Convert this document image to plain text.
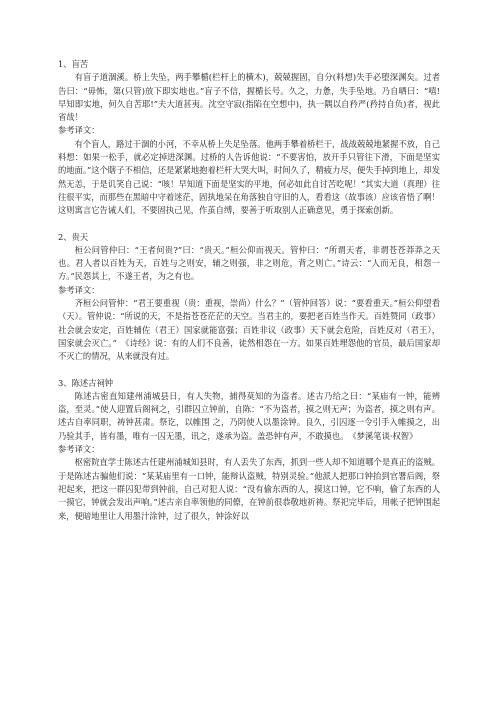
1、盲苦

有盲子道涸溪。桥上失坠，两手攀楯(栏杆上的横木)，兢兢握固，自分(料想)失手必堕深渊矣。过者告曰：“毋怖，第(只管)放下即实地也。”盲子不信，握楯长号。久之，力惫，失手坠地。乃自哂曰：“嘻!早知即实地，何久自苦耶!”夫大道甚夷。沈空守寂(指陷在空想中)，执一隅以自矜严(矜持自负)者，视此省哉！

参考译文：

有个盲人，路过干涸的小河，不幸从桥上失足坠落。他两手攀着桥栏干，战战兢兢地紧握不放，自己料想：如果一松手，就必定掉进深渊。过桥的人告诉他说：“不要害怕，放开手只管往下滑，下面是坚实的地面。”这个瞎子不相信，还是紧紧地抱着栏杆大哭大叫，时间久了，精疲力尽，便失手掉到地上，却发然无恙，于是讥笑自己说：“咳！早知道下面是坚实的平地，何必如此自讨苦吃呢！”其实大道（真理）往往很平实，而那些在黑暗中守着迷茫，固执地呆在角落独自守旧的人，看看这（故事该）应该省悟了啊！

这则寓言它告诫人们，不要固执己见，作茧自缚，要善于听取别人正确意见，勇于探索创新。

2、贵天

桓公问管仲曰：“王者何贵?”曰：“贵天。”桓公仰而视天。管仲曰：“所谓天者，非谓苍苍莽莽之天也。君人者以百姓为天，百姓与之则安，辅之则强，非之则危，背之则亡。”诗云：“人而无良，相怨一方。”民怨其上，不遂王者，为之有也。

参考译文：

齐桓公问管仲：“君王要重视（贵：重视，崇尚）什么？”（管仲回答）说：“要看重天。”桓公仰望看（天）。管仲说：“所说的天，不是指苍苍茫茫的天空。当君主的，要把老百姓当作天。百姓赞同（政事）社会就会安定，百姓辅佐（君王）国家就能富强；百姓非议（政事）天下就会危险，百姓反对（君王），国家就会灭亡。”　《诗经》说：有的人们不良善，徒然相怨在一方。如果百姓埋怨他的官员，最后国家却不灭亡的情况，从来就没有过。

3、陈述古祠钟

陈述古密直知建州浦城县日，有人失物，捕得莫知的为盗者。述古乃给之曰：“某庙有一钟，能辨盗，至灵。”使人迎置后阁祠之，引群囚立钟前，自陈：“不为盗者，摸之则无声；为盗者，摸之则有声。述古自率同职，祷钟甚肃。祭讫，以帷围 之，乃阴使人以墨涂钟。良久，引囚逐一令引手入帷摸之，出乃验其手，皆有墨，唯有一囚无墨，讯之，遂承为盗。盖恐钟有声，不敢摸也。　《梦溪笔谈·权智》

参考译文：

枢密院直学士陈述古任建州浦城知县时，有人丢失了东西，抓到一些人却不知道哪个是真正的盗贼。于是陈述古骗他们说：“某某庙里有一口钟，能辩认盗贼，特别灵验。”他派人把那口钟抬到官署后阁，祭祀起来，把这一群囚犯带到钟前，自己对犯人说：“没有偷东西的人，摸这口钟，它不响，偷了东西的人一摸它，钟就会发出声响。”述古亲自率领他的同僚，在钟前很恭敬地祈祷。祭祀完毕后，用帐子把钟围起来，便暗地里让人用墨汁涂钟，过了很久，钟涂好以
